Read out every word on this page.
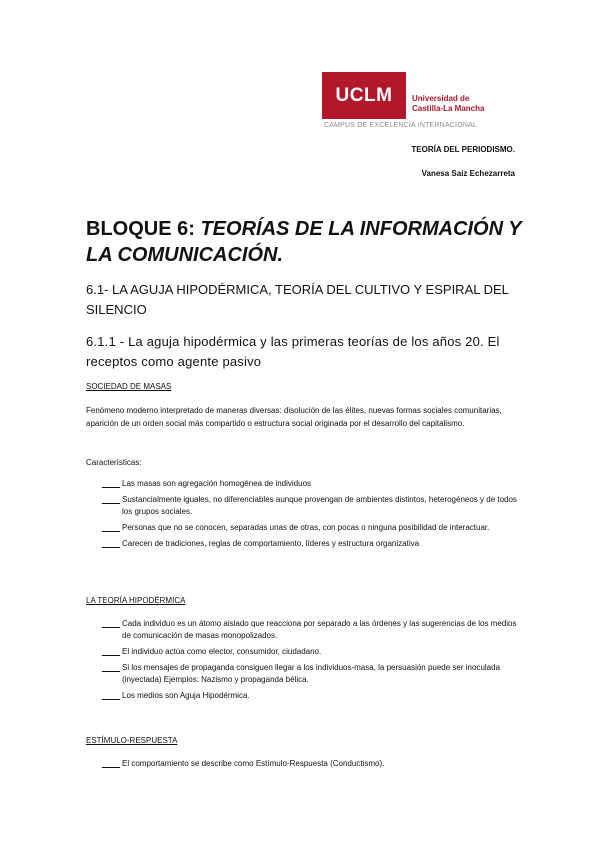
UCLM Universidad de
Castilla-La Mancha
CAMPUS DE EXCELENCIA INTERNACIONAL
TEORÍA DEL PERIODISMO.
Vanesa Saiz Echezarreta
BLOQUE 6: TEORÍAS DE LA INFORMACIÓN Y LA COMUNICACIÓN.
6.1- LA AGUJA HIPODÉRMICA, TEORÍA DEL CULTIVO Y ESPIRAL DEL SILENCIO
6.1.1 - La aguja hipodérmica y las primeras teorías de los años 20. El receptos como agente pasivo
SOCIEDAD DE MASAS
Fenómeno moderno interpretado de maneras diversas: disolución de las élites, nuevas formas sociales comunitarias, aparición de un orden social más compartido o estructura social originada por el desarrollo del capitalismo.
Características:
Las masas son agregación homogénea de individuos
Sustancialmente iguales, no diferenciables aunque provengan de ambientes distintos, heterogéneos y de todos los grupos sociales.
Personas que no se conocen, separadas unas de otras, con pocas o ninguna posibilidad de interactuar.
Carecen de tradiciones, reglas de comportamiento, líderes y estructura organizativa
LA TEORÍA HIPODÉRMICA
Cada individuo es un átomo aislado que reacciona por separado a las órdenes y las sugerencias de los medios de comunicación de masas monopolizados.
El individuo actúa como elector, consumidor, ciudadano.
Si los mensajes de propaganda consiguen llegar a los individuos-masa, la persuasión puede ser inoculada (inyectada) Ejemplos: Nazismo y propaganda bélica.
Los medios son Aguja Hipodérmica.
ESTÍMULO-RESPUESTA
El comportamiento se describe como Estímulo-Respuesta (Conductismo).
